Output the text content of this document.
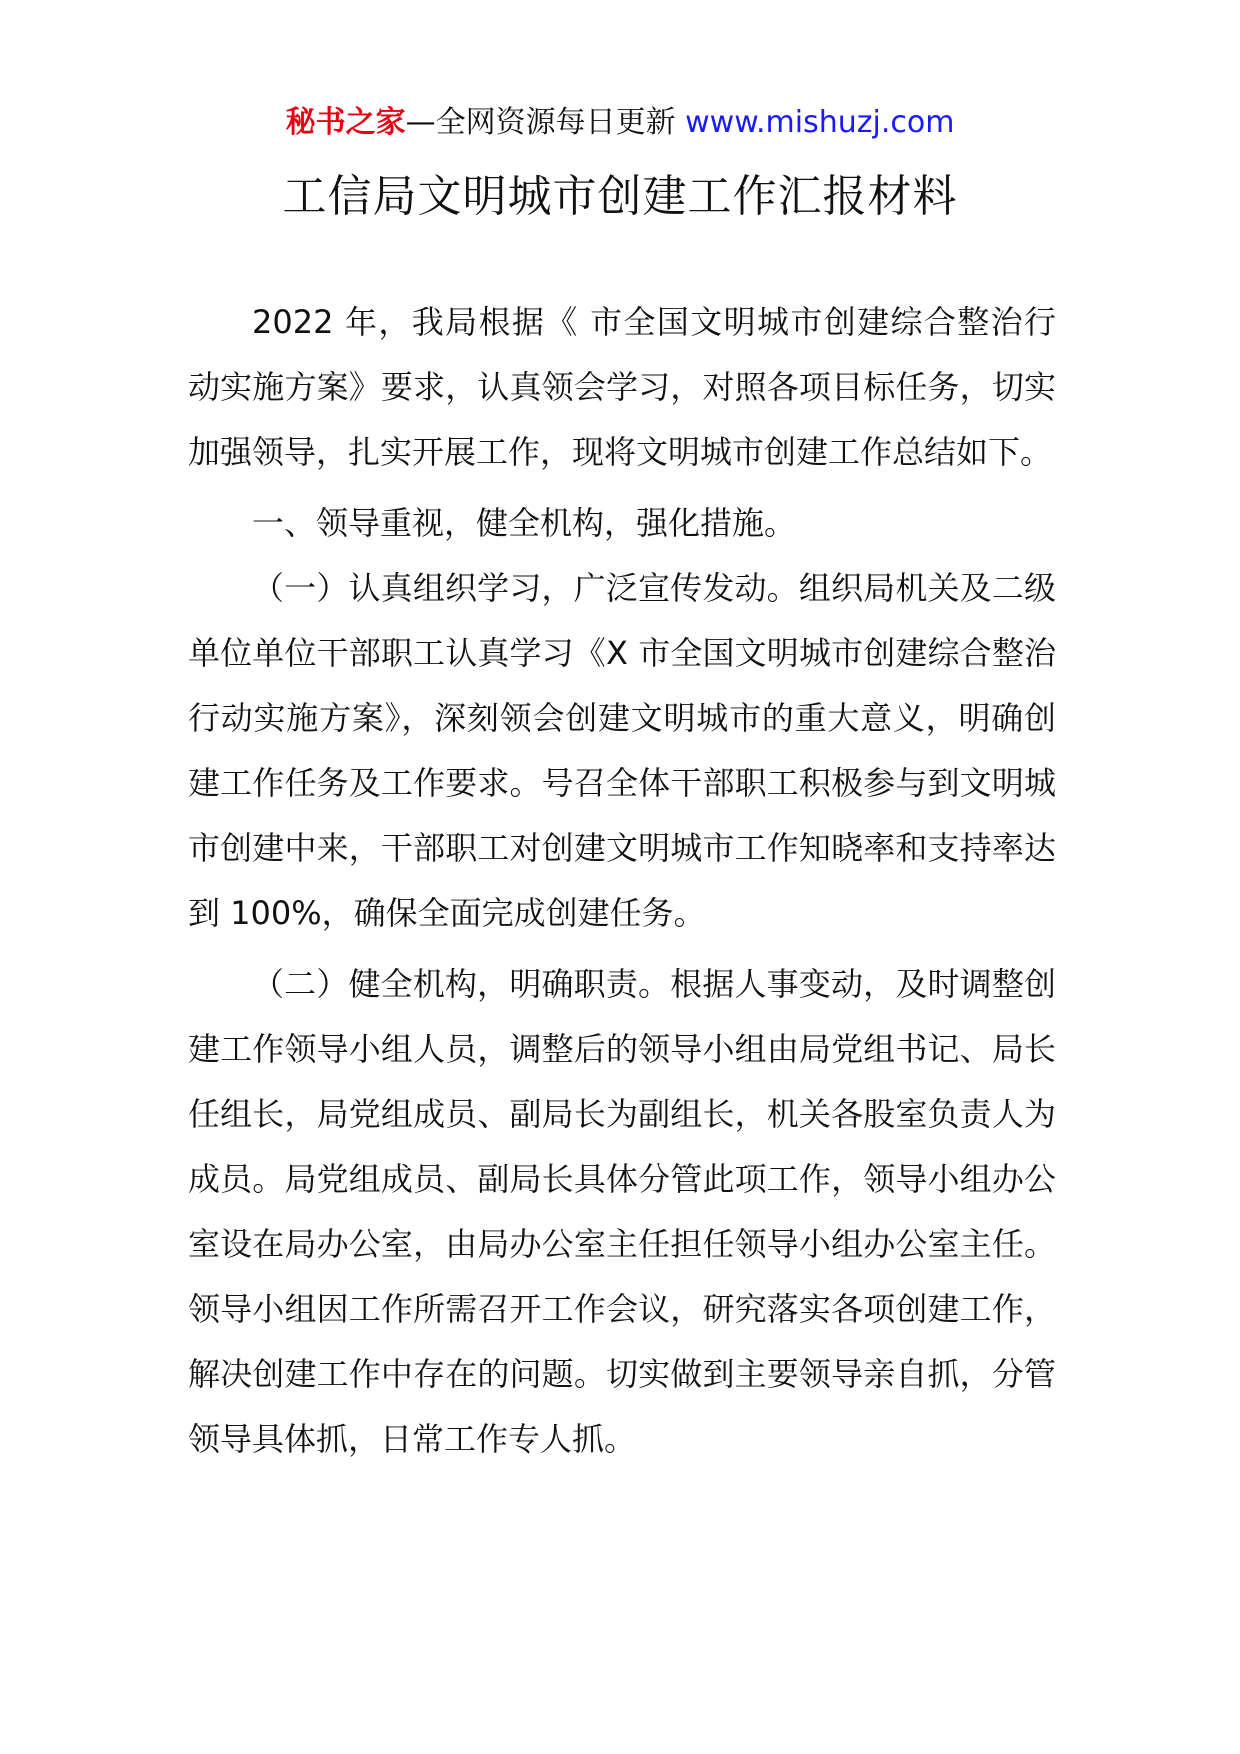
秘书之家—全网资源每日更新 www.mishuzj.com
工信局文明城市创建工作汇报材料

2022 年，我局根据《 市全国文明城市创建综合整治行动实施方案》要求，认真领会学习，对照各项目标任务，切实加强领导，扎实开展工作，现将文明城市创建工作总结如下。

一、领导重视，健全机构，强化措施。

（一）认真组织学习，广泛宣传发动。组织局机关及二级单位单位干部职工认真学习《X 市全国文明城市创建综合整治行动实施方案》，深刻领会创建文明城市的重大意义，明确创建工作任务及工作要求。号召全体干部职工积极参与到文明城市创建中来，干部职工对创建文明城市工作知晓率和支持率达到 100%，确保全面完成创建任务。

（二）健全机构，明确职责。根据人事变动，及时调整创建工作领导小组人员，调整后的领导小组由局党组书记、局长任组长，局党组成员、副局长为副组长，机关各股室负责人为成员。局党组成员、副局长具体分管此项工作，领导小组办公室设在局办公室，由局办公室主任担任领导小组办公室主任。领导小组因工作所需召开工作会议，研究落实各项创建工作，解决创建工作中存在的问题。切实做到主要领导亲自抓，分管领导具体抓，日常工作专人抓。
